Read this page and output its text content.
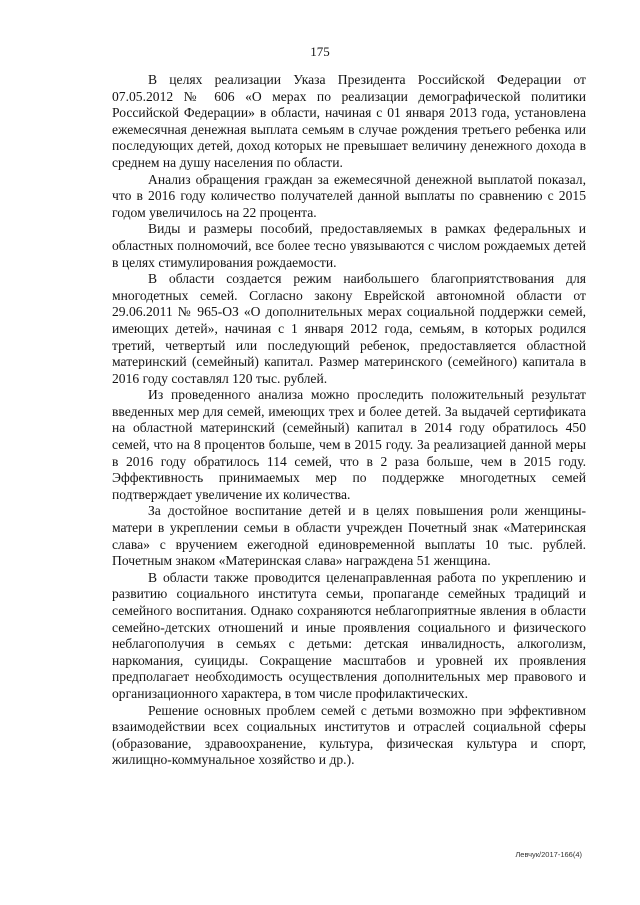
175

В целях реализации Указа Президента Российской Федерации от 07.05.2012 № 606 «О мерах по реализации демографической политики Российской Федерации» в области, начиная с 01 января 2013 года, установлена ежемесячная денежная выплата семьям в случае рождения третьего ребенка или последующих детей, доход которых не превышает величину денежного дохода в среднем на душу населения по области.

Анализ обращения граждан за ежемесячной денежной выплатой показал, что в 2016 году количество получателей данной выплаты по сравнению с 2015 годом увеличилось на 22 процента.

Виды и размеры пособий, предоставляемых в рамках федеральных и областных полномочий, все более тесно увязываются с числом рождаемых детей в целях стимулирования рождаемости.

В области создается режим наибольшего благоприятствования для многодетных семей. Согласно закону Еврейской автономной области от 29.06.2011 № 965-ОЗ «О дополнительных мерах социальной поддержки семей, имеющих детей», начиная с 1 января 2012 года, семьям, в которых родился третий, четвертый или последующий ребенок, предоставляется областной материнский (семейный) капитал. Размер материнского (семейного) капитала в 2016 году составлял 120 тыс. рублей.

Из проведенного анализа можно проследить положительный результат введенных мер для семей, имеющих трех и более детей. За выдачей сертификата на областной материнский (семейный) капитал в 2014 году обратилось 450 семей, что на 8 процентов больше, чем в 2015 году. За реализацией данной меры в 2016 году обратилось 114 семей, что в 2 раза больше, чем в 2015 году. Эффективность принимаемых мер по поддержке многодетных семей подтверждает увеличение их количества.

За достойное воспитание детей и в целях повышения роли женщины-матери в укреплении семьи в области учрежден Почетный знак «Материнская слава» с вручением ежегодной единовременной выплаты 10 тыс. рублей. Почетным знаком «Материнская слава» награждена 51 женщина.

В области также проводится целенаправленная работа по укреплению и развитию социального института семьи, пропаганде семейных традиций и семейного воспитания. Однако сохраняются неблагоприятные явления в области семейно-детских отношений и иные проявления социального и физического неблагополучия в семьях с детьми: детская инвалидность, алкоголизм, наркомания, суициды. Сокращение масштабов и уровней их проявления предполагает необходимость осуществления дополнительных мер правового и организационного характера, в том числе профилактических.

Решение основных проблем семей с детьми возможно при эффективном взаимодействии всех социальных институтов и отраслей социальной сферы (образование, здравоохранение, культура, физическая культура и спорт, жилищно-коммунальное хозяйство и др.).

Левчук/2017-166(4)
